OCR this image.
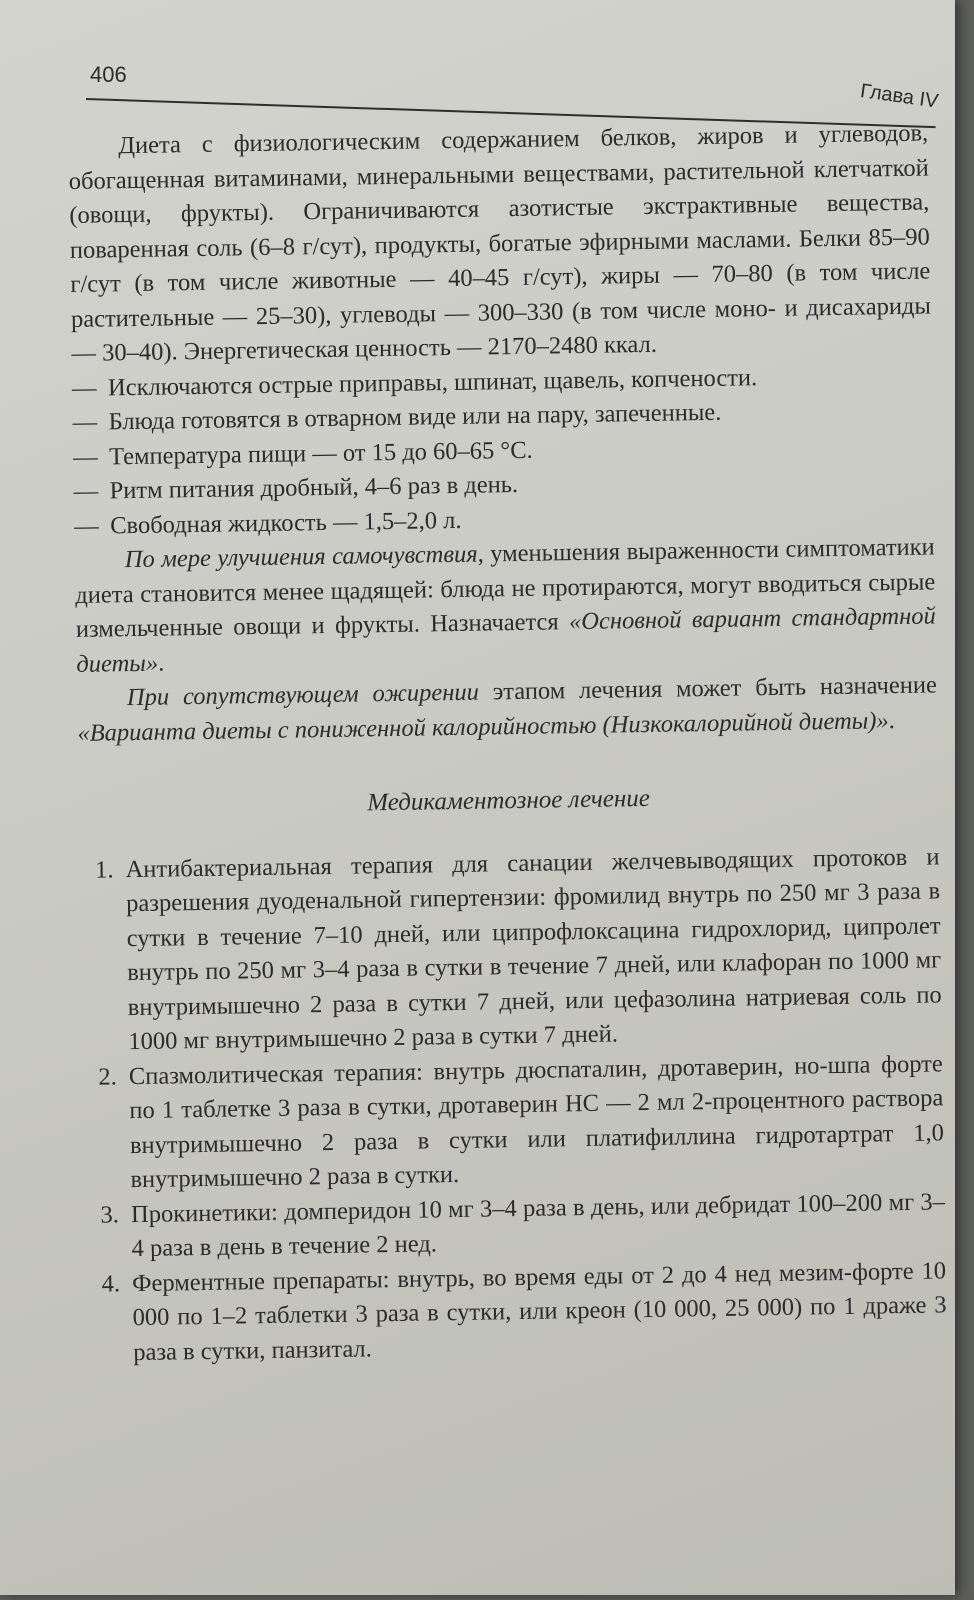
406
Глава IV

Диета с физиологическим содержанием белков, жиров и углеводов, обогащенная витаминами, минеральными веществами, растительной клетчаткой (овощи, фрукты). Ограничиваются азотистые экстрактивные вещества, поваренная соль (6–8 г/сут), продукты, богатые эфирными маслами. Белки 85–90 г/сут (в том числе животные — 40–45 г/сут), жиры — 70–80 (в том числе растительные — 25–30), углеводы — 300–330 (в том числе моно- и дисахариды — 30–40). Энергетическая ценность — 2170–2480 ккал.

— Исключаются острые приправы, шпинат, щавель, копчености.
— Блюда готовятся в отварном виде или на пару, запеченные.
— Температура пищи — от 15 до 60–65 °С.
— Ритм питания дробный, 4–6 раз в день.
— Свободная жидкость — 1,5–2,0 л.

По мере улучшения самочувствия, уменьшения выраженности симптоматики диета становится менее щадящей: блюда не протираются, могут вводиться сырые измельченные овощи и фрукты. Назначается «Основной вариант стандартной диеты».

При сопутствующем ожирении этапом лечения может быть назначение «Варианта диеты с пониженной калорийностью (Низкокалорийной диеты)».

Медикаментозное лечение

1. Антибактериальная терапия для санации желчевыводящих протоков и разрешения дуоденальной гипертензии: фромилид внутрь по 250 мг 3 раза в сутки в течение 7–10 дней, или ципрофлоксацина гидрохлорид, ципролет внутрь по 250 мг 3–4 раза в сутки в течение 7 дней, или клафоран по 1000 мг внутримышечно 2 раза в сутки 7 дней, или цефазолина натриевая соль по 1000 мг внутримышечно 2 раза в сутки 7 дней.
2. Спазмолитическая терапия: внутрь дюспаталин, дротаверин, но-шпа форте по 1 таблетке 3 раза в сутки, дротаверин НС — 2 мл 2-процентного раствора внутримышечно 2 раза в сутки или платифиллина гидротартрат 1,0 внутримышечно 2 раза в сутки.
3. Прокинетики: домперидон 10 мг 3–4 раза в день, или дебридат 100–200 мг 3–4 раза в день в течение 2 нед.
4. Ферментные препараты: внутрь, во время еды от 2 до 4 нед мезим-форте 10 000 по 1–2 таблетки 3 раза в сутки, или креон (10 000, 25 000) по 1 драже 3 раза в сутки, панзитал.
